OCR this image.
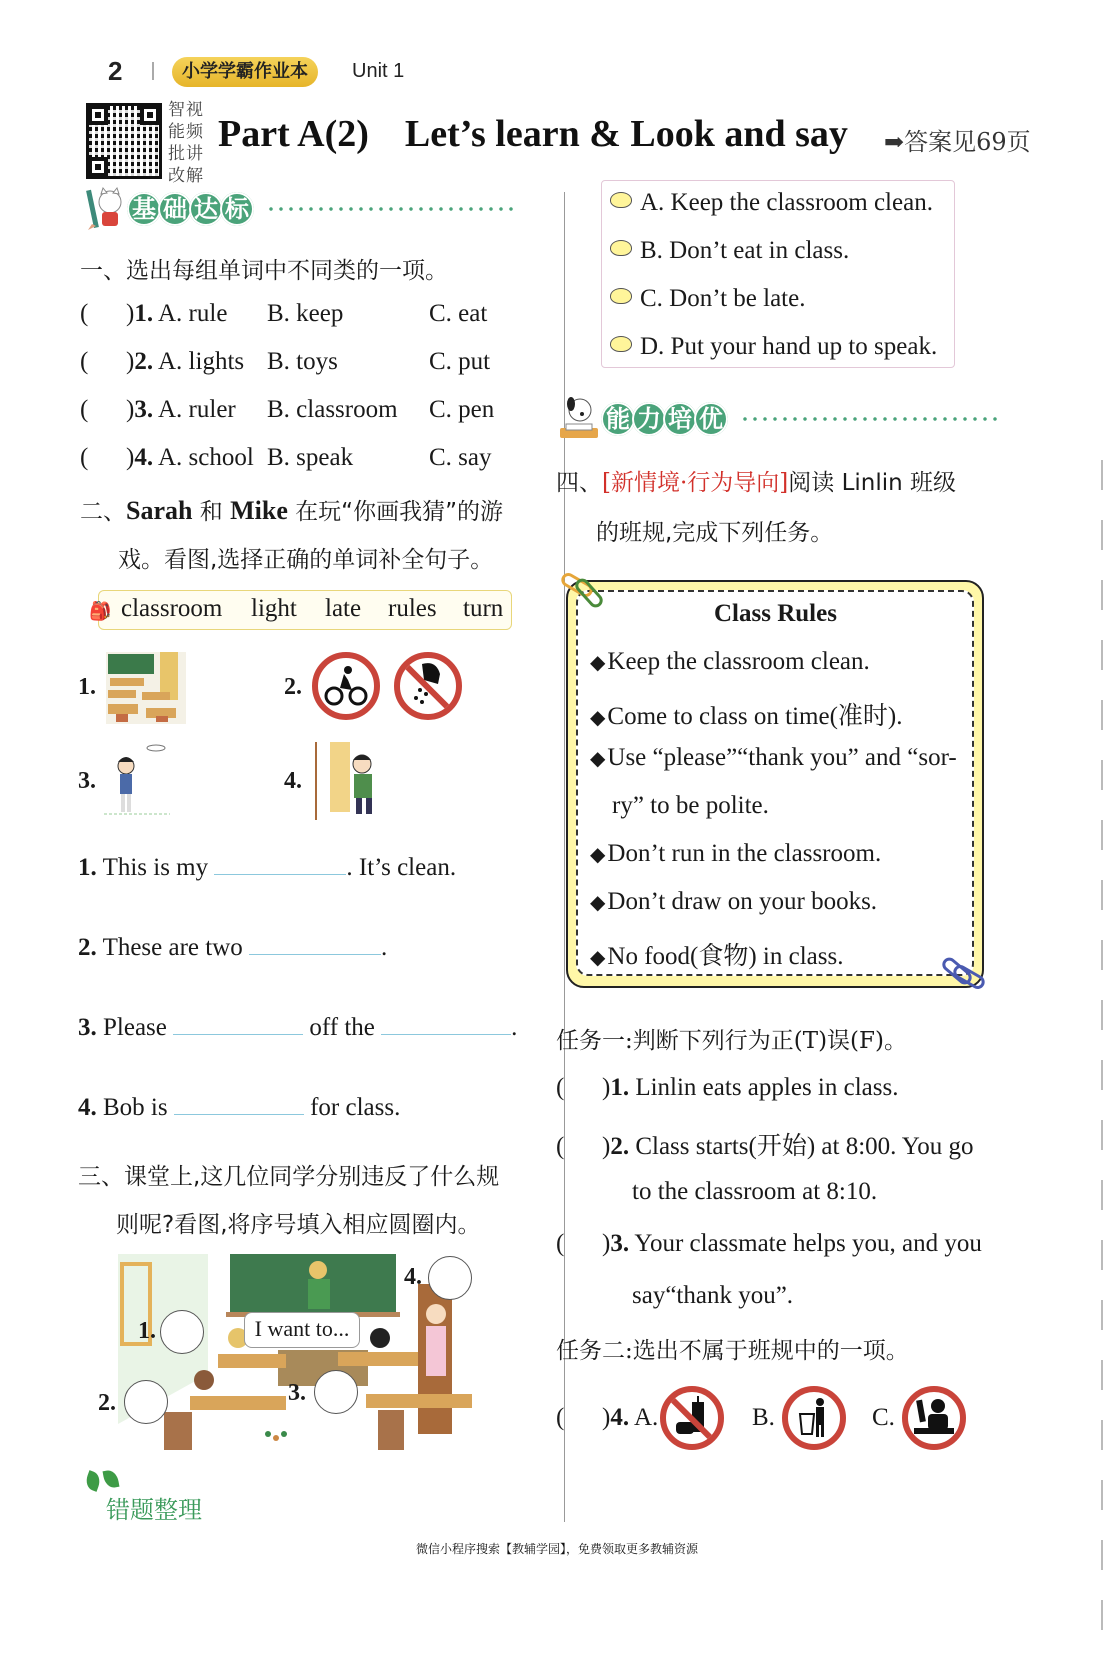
2	小学学霸作业本	Unit 1
智视能频批讲改解
Part A(2) Let’s learn & Look and say ➡答案见69页
基 础 达 标
一、选出每组单词中不同类的一项。
( )1. A. rule B. keep	C. eat
( )2. A. lights B. toys	C. put
( )3. A. ruler B. classroom C. pen
( )4. A. school B. speak	C. say
二、Sarah 和 Mike 在玩“你画我猜”的游
戏。看图,选择正确的单词补全句子。
🎒 classroom light late rules turn
1.	2.
3.	4.
1. This is my	. It’s clean.
2. These are two	.
3. Please	off the	.
4. Bob is	for class.
三、课堂上,这几位同学分别违反了什么规
则呢?看图,将序号填入相应圆圈内。
I want to...
1.
2.	3.
4.
A. Keep the classroom clean.
B. Don’t eat in class.
C. Don’t be late.
D. Put your hand up to speak.
能 力 培 优
四、[新情境·行为导向]阅读 Linlin 班级
的班规,完成下列任务。
Class Rules
◆Keep the classroom clean.
◆Come to class on time(准时).
◆Use “please”“thank you” and “sor-
ry” to be polite.
◆Don’t run in the classroom.
◆Don’t draw on your books.
◆No food(食物) in class.
任务一:判断下列行为正(T)误(F)。
( )1. Linlin eats apples in class.
( )2. Class starts(开始) at 8:00. You go
to the classroom at 8:10.
( )3. Your classmate helps you, and you
say“thank you”.
任务二:选出不属于班规中的一项。
( )4. A.	B.	C.
错题整理
微信小程序搜索【教辅学园】，免费领取更多教辅资源
